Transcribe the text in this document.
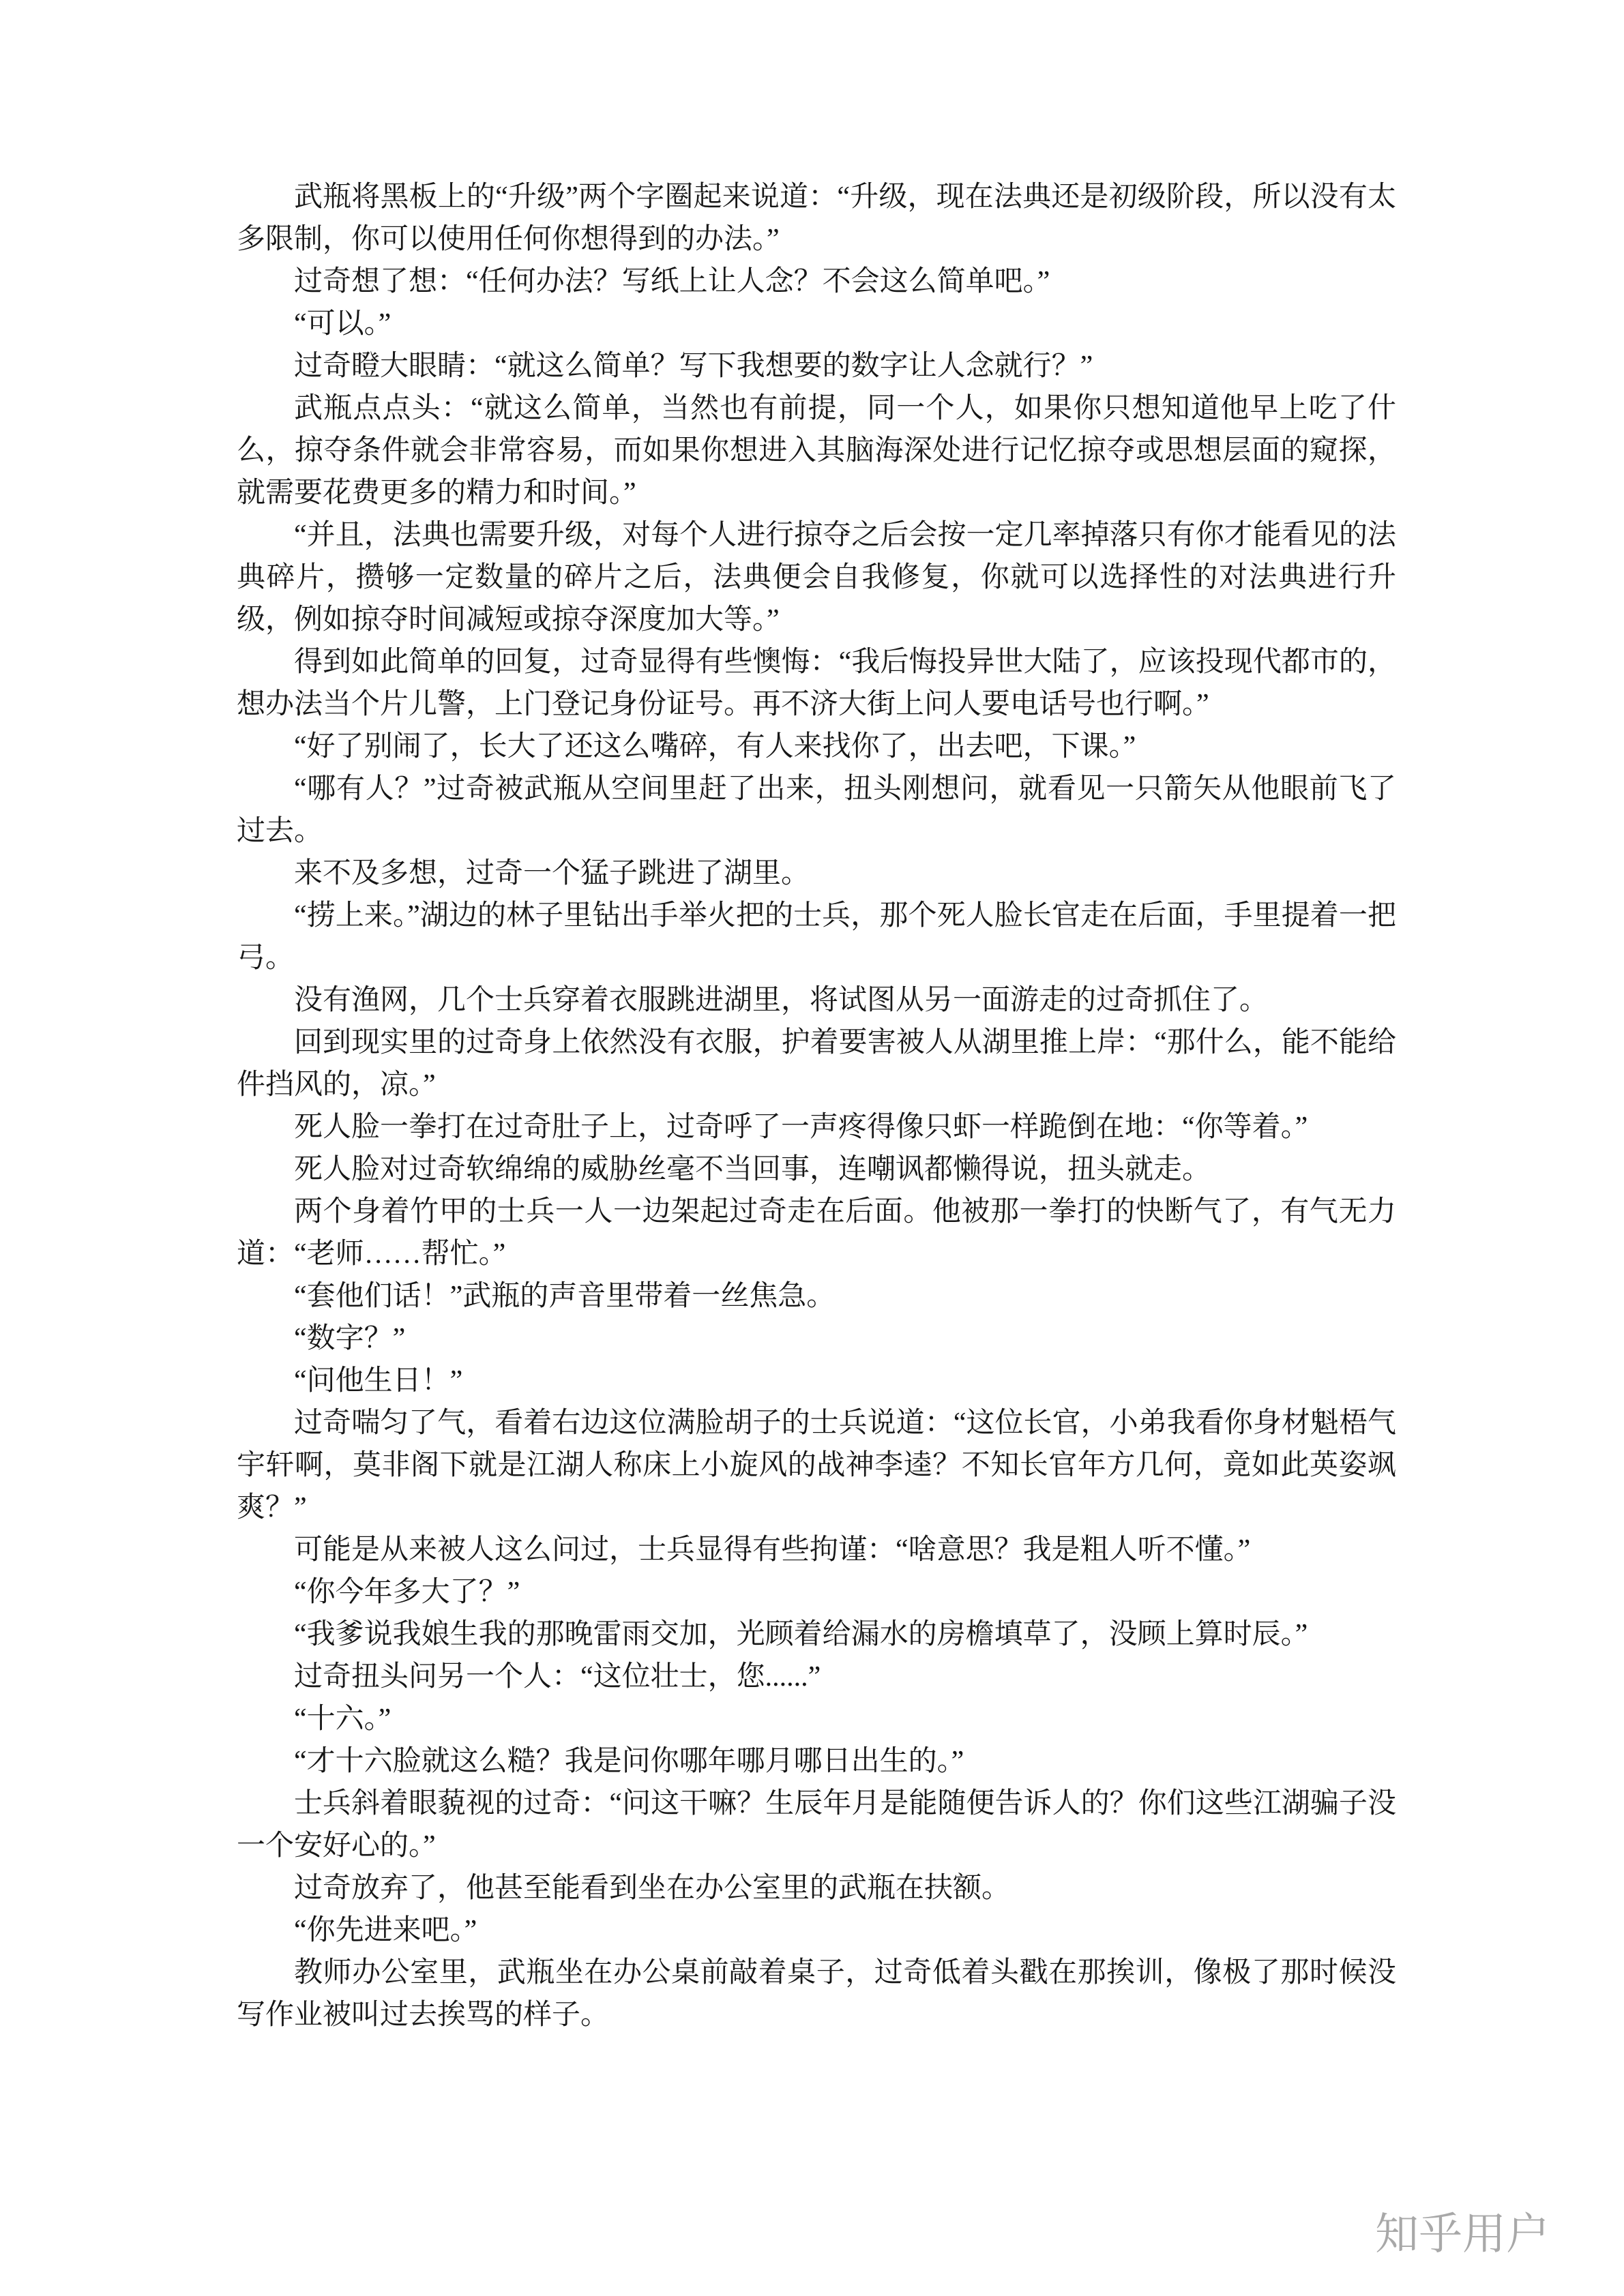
武瓶将黑板上的“升级”两个字圈起来说道：“升级，现在法典还是初级阶段，所以没有太多限制，你可以使用任何你想得到的办法。”

过奇想了想：“任何办法？写纸上让人念？不会这么简单吧。”

“可以。”

过奇瞪大眼睛：“就这么简单？写下我想要的数字让人念就行？”

武瓶点点头：“就这么简单，当然也有前提，同一个人，如果你只想知道他早上吃了什么，掠夺条件就会非常容易，而如果你想进入其脑海深处进行记忆掠夺或思想层面的窥探，就需要花费更多的精力和时间。”

“并且，法典也需要升级，对每个人进行掠夺之后会按一定几率掉落只有你才能看见的法典碎片，攒够一定数量的碎片之后，法典便会自我修复，你就可以选择性的对法典进行升级，例如掠夺时间减短或掠夺深度加大等。”

得到如此简单的回复，过奇显得有些懊悔：“我后悔投异世大陆了，应该投现代都市的，想办法当个片儿警，上门登记身份证号。再不济大街上问人要电话号也行啊。”

“好了别闹了，长大了还这么嘴碎，有人来找你了，出去吧，下课。”

“哪有人？”过奇被武瓶从空间里赶了出来，扭头刚想问，就看见一只箭矢从他眼前飞了过去。

来不及多想，过奇一个猛子跳进了湖里。

“捞上来。”湖边的林子里钻出手举火把的士兵，那个死人脸长官走在后面，手里提着一把弓。

没有渔网，几个士兵穿着衣服跳进湖里，将试图从另一面游走的过奇抓住了。

回到现实里的过奇身上依然没有衣服，护着要害被人从湖里推上岸：“那什么，能不能给件挡风的，凉。”

死人脸一拳打在过奇肚子上，过奇呼了一声疼得像只虾一样跪倒在地：“你等着。”

死人脸对过奇软绵绵的威胁丝毫不当回事，连嘲讽都懒得说，扭头就走。

两个身着竹甲的士兵一人一边架起过奇走在后面。他被那一拳打的快断气了，有气无力道：“老师……帮忙。”

“套他们话！”武瓶的声音里带着一丝焦急。

“数字？”

“问他生日！”

过奇喘匀了气，看着右边这位满脸胡子的士兵说道：“这位长官，小弟我看你身材魁梧气宇轩啊，莫非阁下就是江湖人称床上小旋风的战神李逵？不知长官年方几何，竟如此英姿飒爽？”

可能是从来被人这么问过，士兵显得有些拘谨：“啥意思？我是粗人听不懂。”

“你今年多大了？”

“我爹说我娘生我的那晚雷雨交加，光顾着给漏水的房檐填草了，没顾上算时辰。”

过奇扭头问另一个人：“这位壮士，您......”

“十六。”

“才十六脸就这么糙？我是问你哪年哪月哪日出生的。”

士兵斜着眼藐视的过奇：“问这干嘛？生辰年月是能随便告诉人的？你们这些江湖骗子没一个安好心的。”

过奇放弃了，他甚至能看到坐在办公室里的武瓶在扶额。

“你先进来吧。”

教师办公室里，武瓶坐在办公桌前敲着桌子，过奇低着头戳在那挨训，像极了那时候没写作业被叫过去挨骂的样子。

知乎用户
